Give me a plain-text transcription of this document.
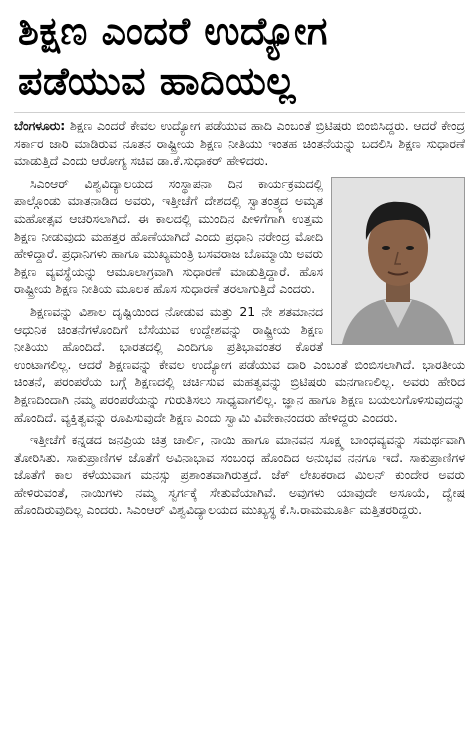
ಶಿಕ್ಷಣ ಎಂದರೆ ಉದ್ಯೋಗ
ಪಡೆಯುವ ಹಾದಿಯಲ್ಲ

ಬೆಂಗಳೂರು: ಶಿಕ್ಷಣ ಎಂದರೆ ಕೇವಲ ಉದ್ಯೋಗ ಪಡೆಯುವ ಹಾದಿ ಎಂಬಂತೆ ಬ್ರಿಟಿಷರು ಬಿಂಬಿಸಿದ್ದರು. ಆದರೆ ಕೇಂದ್ರ ಸರ್ಕಾರ ಜಾರಿ ಮಾಡಿರುವ ನೂತನ ರಾಷ್ಟ್ರೀಯ ಶಿಕ್ಷಣ ನೀತಿಯು ಇಂತಹ ಚಿಂತನೆಯನ್ನು ಬದಲಿಸಿ ಶಿಕ್ಷಣ ಸುಧಾರಣೆ ಮಾಡುತ್ತಿದೆ ಎಂದು ಆರೋಗ್ಯ ಸಚಿವ ಡಾ.ಕೆ.ಸುಧಾಕರ್ ಹೇಳಿದರು.

ಸಿಎಂಆರ್ ವಿಶ್ವವಿದ್ಯಾಲಯದ ಸಂಸ್ಥಾಪನಾ ದಿನ ಕಾರ್ಯಕ್ರಮದಲ್ಲಿ ಪಾಲ್ಗೊಂಡು ಮಾತನಾಡಿದ ಅವರು, ಇತ್ತೀಚೆಗೆ ದೇಶದಲ್ಲಿ ಸ್ವಾತಂತ್ರ್ಯದ ಅಮೃತ ಮಹೋತ್ಸವ ಆಚರಿಸಲಾಗಿದೆ. ಈ ಕಾಲದಲ್ಲಿ ಮುಂದಿನ ಪೀಳಿಗೆಗಾಗಿ ಉತ್ತಮ ಶಿಕ್ಷಣ ನೀಡುವುದು ಮಹತ್ತರ ಹೊಣೆಯಾಗಿದೆ ಎಂದು ಪ್ರಧಾನಿ ನರೇಂದ್ರ ಮೋದಿ ಹೇಳಿದ್ದಾರೆ. ಪ್ರಧಾನಿಗಳು ಹಾಗೂ ಮುಖ್ಯಮಂತ್ರಿ ಬಸವರಾಜ ಬೊಮ್ಮಾಯಿ ಅವರು ಶಿಕ್ಷಣ ವ್ಯವಸ್ಥೆಯನ್ನು ಆಮೂಲಾಗ್ರವಾಗಿ ಸುಧಾರಣೆ ಮಾಡುತ್ತಿದ್ದಾರೆ. ಹೊಸ ರಾಷ್ಟ್ರೀಯ ಶಿಕ್ಷಣ ನೀತಿಯ ಮೂಲಕ ಹೊಸ ಸುಧಾರಣೆ ತರಲಾಗುತ್ತಿದೆ ಎಂದರು.

ಶಿಕ್ಷಣವನ್ನು ವಿಶಾಲ ದೃಷ್ಟಿಯಿಂದ ನೋಡುವ ಮತ್ತು 21 ನೇ ಶತಮಾನದ ಆಧುನಿಕ ಚಿಂತನೆಗಳೊಂದಿಗೆ ಬೆಸೆಯುವ ಉದ್ದೇಶವನ್ನು ರಾಷ್ಟ್ರೀಯ ಶಿಕ್ಷಣ ನೀತಿಯು ಹೊಂದಿದೆ. ಭಾರತದಲ್ಲಿ ಎಂದಿಗೂ ಪ್ರತಿಭಾವಂತರ ಕೊರತೆ ಉಂಟಾಗಲಿಲ್ಲ. ಆದರೆ ಶಿಕ್ಷಣವನ್ನು ಕೇವಲ ಉದ್ಯೋಗ ಪಡೆಯುವ ದಾರಿ ಎಂಬಂತೆ ಬಿಂಬಿಸಲಾಗಿದೆ. ಭಾರತೀಯ ಚಿಂತನೆ, ಪರಂಪರೆಯ ಬಗ್ಗೆ ಶಿಕ್ಷಣದಲ್ಲಿ ಚರ್ಚಿಸುವ ಮಹತ್ವವನ್ನು ಬ್ರಿಟಿಷರು ಮನಗಾಣಲಿಲ್ಲ. ಅವರು ಹೇರಿದ ಶಿಕ್ಷಣದಿಂದಾಗಿ ನಮ್ಮ ಪರಂಪರೆಯನ್ನು ಗುರುತಿಸಲು ಸಾಧ್ಯವಾಗಲಿಲ್ಲ. ಜ್ಞಾನ ಹಾಗೂ ಶಿಕ್ಷಣ ಬಯಲುಗೊಳಿಸುವುದನ್ನು ಹೊಂದಿದೆ. ವ್ಯಕ್ತಿತ್ವವನ್ನು ರೂಪಿಸುವುದೇ ಶಿಕ್ಷಣ ಎಂದು ಸ್ವಾಮಿ ವಿವೇಕಾನಂದರು ಹೇಳಿದ್ದರು ಎಂದರು.

ಇತ್ತೀಚೆಗೆ ಕನ್ನಡದ ಜನಪ್ರಿಯ ಚಿತ್ರ ಚಾರ್ಲಿ, ನಾಯಿ ಹಾಗೂ ಮಾನವನ ಸೂಕ್ಷ್ಮ ಬಾಂಧವ್ಯವನ್ನು ಸಮರ್ಥವಾಗಿ ತೋರಿಸಿತು. ಸಾಕುಪ್ರಾಣಿಗಳ ಜೊತೆಗೆ ಅವಿನಾಭಾವ ಸಂಬಂಧ ಹೊಂದಿದ ಅನುಭವ ನನಗೂ ಇದೆ. ಸಾಕುಪ್ರಾಣಿಗಳ ಜೊತೆಗೆ ಕಾಲ ಕಳೆಯುವಾಗ ಮನಸ್ಸು ಪ್ರಶಾಂತವಾಗಿರುತ್ತದೆ. ಜೆಕ್ ಲೇಖಕರಾದ ಮಿಲನ್ ಕುಂದೇರ ಅವರು ಹೇಳಿರುವಂತೆ, ನಾಯಿಗಳು ನಮ್ಮ ಸ್ವರ್ಗಕ್ಕೆ ಸೇತುವೆಯಾಗಿವೆ. ಅವುಗಳು ಯಾವುದೇ ಅಸೂಯೆ, ದ್ವೇಷ ಹೊಂದಿರುವುದಿಲ್ಲ ಎಂದರು. ಸಿಎಂಆರ್ ವಿಶ್ವವಿದ್ಯಾಲಯದ ಮುಖ್ಯಸ್ಥ ಕೆ.ಸಿ.ರಾಮಮೂರ್ತಿ ಮತ್ತಿತರರಿದ್ದರು.
